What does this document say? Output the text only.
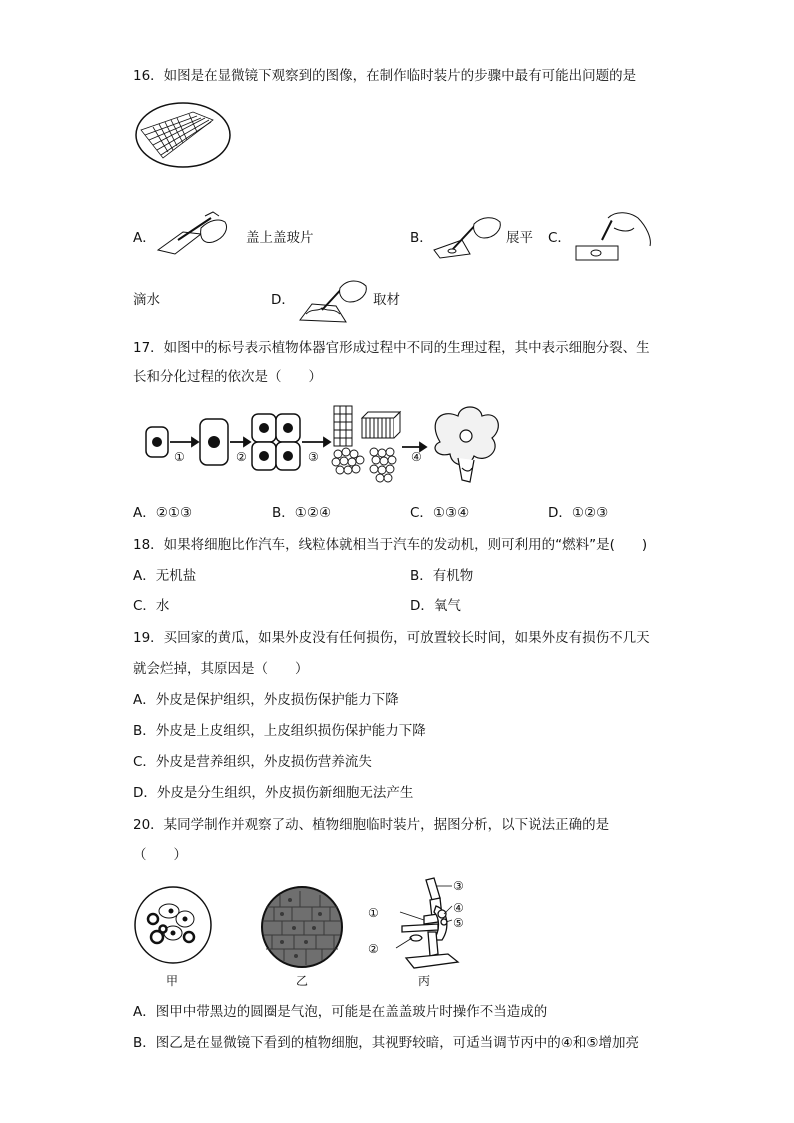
16．如图是在显微镜下观察到的图像，在制作临时装片的步骤中最有可能出问题的是
A．	盖上盖玻片	B．	展平 C．
滴水	D．	取材
17．如图中的标号表示植物体器官形成过程中不同的生理过程，其中表示细胞分裂、生
长和分化过程的依次是（　　）
①	②	③	④
A．②①③	B．①②④	C．①③④	D．①②③
18．如果将细胞比作汽车，线粒体就相当于汽车的发动机，则可利用的“燃料”是(　　)
A．无机盐	B．有机物
C．水	D．氧气
19．买回家的黄瓜，如果外皮没有任何损伤，可放置较长时间，如果外皮有损伤不几天
就会烂掉，其原因是（　　）
A．外皮是保护组织，外皮损伤保护能力下降
B．外皮是上皮组织，上皮组织损伤保护能力下降
C．外皮是营养组织，外皮损伤营养流失
D．外皮是分生组织，外皮损伤新细胞无法产生
20．某同学制作并观察了动、植物细胞临时装片，据图分析，以下说法正确的是
（　　）
甲	乙
①
②
③
④
⑤
丙
A．图甲中带黑边的圆圈是气泡，可能是在盖盖玻片时操作不当造成的
B．图乙是在显微镜下看到的植物细胞，其视野较暗，可适当调节丙中的④和⑤增加亮
